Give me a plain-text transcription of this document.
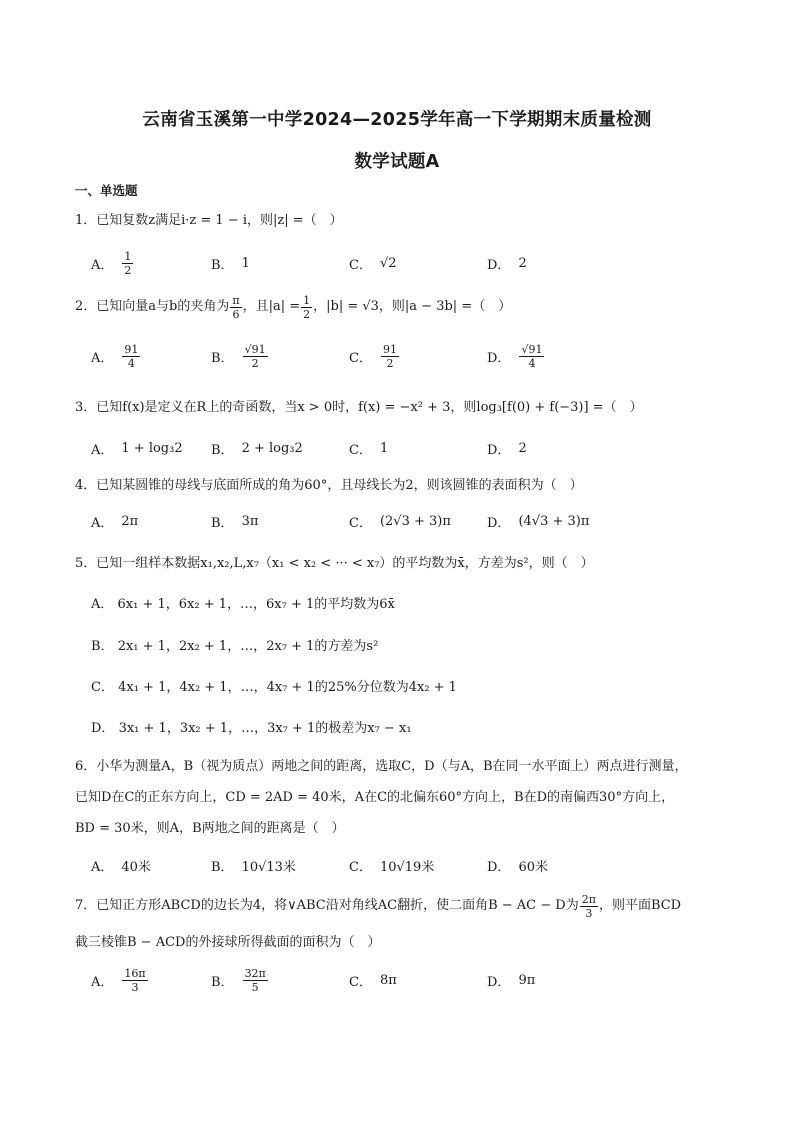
云南省玉溪第一中学2024—2025学年高一下学期期末质量检测
数学试题A
一、单选题
1．已知复数z满足i·z = 1 − i，则|z| =（　）
A． $\frac{1}{2}$	B． 1	C． √2	D． 2
2．已知向量a与b的夹角为 $\frac{\pi}{6}$ ，且$|a| = \frac{1}{2}$ ，|b| = √3，则|a − 3b| =（　）
A． $\frac{91}{4}$	B． $\frac{√91}{2}$	C． $\frac{91}{2}$	D． $\frac{√91}{4}$
3．已知f(x)是定义在R上的奇函数，当x > 0时，f(x) = −x² + 3，则log₃[f(0) + f(−3)] =（　）
A． 1 + log₃2 B． 2 + log₃2	C． 1	D． 2
4．已知某圆锥的母线与底面所成的角为60°，且母线长为2，则该圆锥的表面积为（　）
A． 2π	B． 3π	C． (2√3 + 3)π	D． (4√3 + 3)π
5．已知一组样本数据x₁,x₂,L,x₇（x₁ < x₂ < ··· < x₇）的平均数为x̄，方差为s²，则（　）
A． 6x₁ + 1，6x₂ + 1，…，6x₇ + 1的平均数为6x̄
B． 2x₁ + 1，2x₂ + 1，…，2x₇ + 1的方差为s²
C． 4x₁ + 1，4x₂ + 1，…，4x₇ + 1的25%分位数为4x₂ + 1
D． 3x₁ + 1，3x₂ + 1，…，3x₇ + 1的极差为x₇ − x₁
6．小华为测量A，B（视为质点）两地之间的距离，选取C，D（与A，B在同一水平面上）两点进行测量，
已知D在C的正东方向上，CD = 2AD = 40米，A在C的北偏东60°方向上，B在D的南偏西30°方向上，
BD = 30米，则A，B两地之间的距离是（　）
A． 40米	B． 10√13米	C． 10√19米	D． 60米
7．已知正方形ABCD的边长为4，将∨ABC沿对角线AC翻折，使二面角B − AC − D为 $\frac{2\pi}{3}$ ，则平面BCD
截三棱锥B − ACD的外接球所得截面的面积为（　）
A． $\frac{16\pi}{3}$	B． $\frac{32\pi}{5}$	C． 8π	D． 9π
